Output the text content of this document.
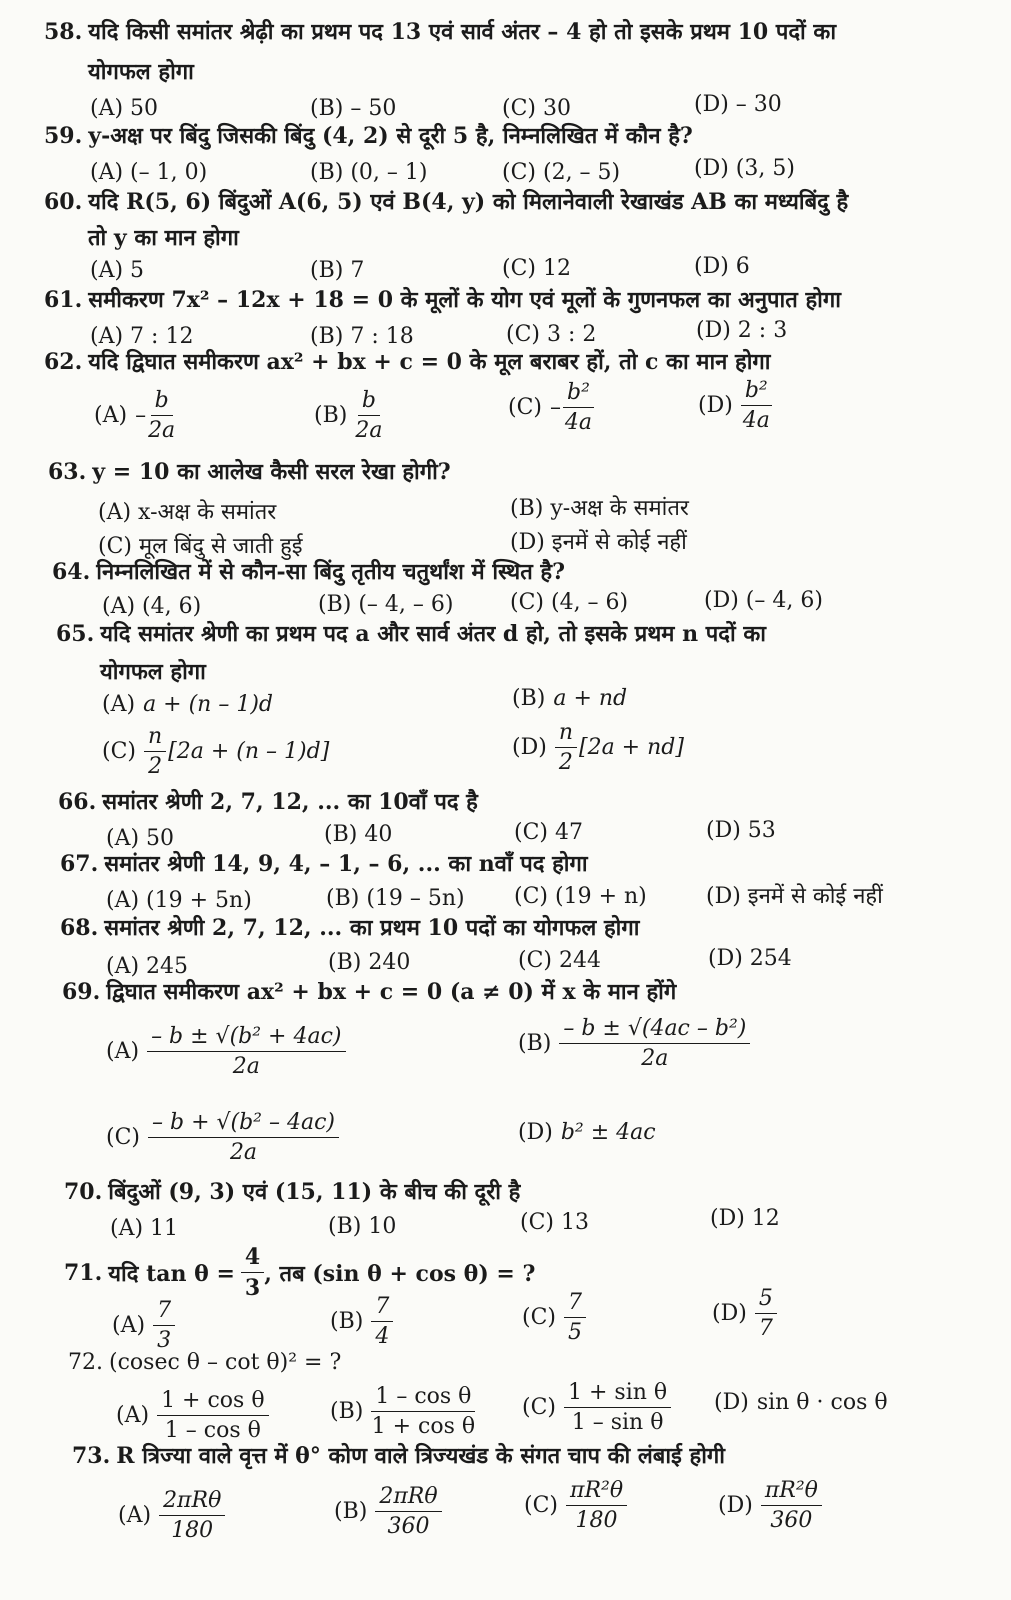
58. यदि किसी समांतर श्रेढ़ी का प्रथम पद 13 एवं सार्व अंतर – 4 हो तो इसके प्रथम 10 पदों का
योगफल होगा
(A) 50	(B) – 50	(C) 30	(D) – 30
59. y-अक्ष पर बिंदु जिसकी बिंदु (4, 2) से दूरी 5 है, निम्नलिखित में कौन है?
(A) (– 1, 0)	(B) (0, – 1)	(C) (2, – 5)	(D) (3, 5)
60. यदि R(5, 6) बिंदुओं A(6, 5) एवं B(4, y) को मिलानेवाली रेखाखंड AB का मध्यबिंदु है
तो y का मान होगा
(A) 5	(B) 7	(C) 12	(D) 6
61. समीकरण 7x² – 12x + 18 = 0 के मूलों के योग एवं मूलों के गुणनफल का अनुपात होगा
(A) 7 : 12	(B) 7 : 18	(C) 3 : 2	(D) 2 : 3
62. यदि द्विघात समीकरण ax² + bx + c = 0 के मूल बराबर हों, तो c का मान होगा
$(A) - \frac{b}{2a}$	$(B) \frac{b}{2a}$	$(C) - \frac{\text{b²}}{4a}$	$(D) \frac{\text{b²}}{4a}$
63. y = 10 का आलेख कैसी सरल रेखा होगी?
(A) x-अक्ष के समांतर	(B) y-अक्ष के समांतर
(C) मूल बिंदु से जाती हुई	(D) इनमें से कोई नहीं
64. निम्नलिखित में से कौन-सा बिंदु तृतीय चतुर्थांश में स्थित है?
(A) (4, 6)	(B) (– 4, – 6)	(C) (4, – 6)	(D) (– 4, 6)
65. यदि समांतर श्रेणी का प्रथम पद a और सार्व अंतर d हो, तो इसके प्रथम n पदों का
योगफल होगा
(A) a + (n – 1)d	(B) a + nd
$(C) \frac{n}{2} [2a + (n - 1)d]$	$(D) \frac{n}{2} [2a + nd]$
66. समांतर श्रेणी 2, 7, 12, ... का 10वाँ पद है
(A) 50	(B) 40	(C) 47	(D) 53
67. समांतर श्रेणी 14, 9, 4, – 1, – 6, ... का nवाँ पद होगा
(A) (19 + 5n)	(B) (19 – 5n) (C) (19 + n)	(D) इनमें से कोई नहीं
68. समांतर श्रेणी 2, 7, 12, ... का प्रथम 10 पदों का योगफल होगा
(A) 245	(B) 240	(C) 244	(D) 254
69. द्विघात समीकरण ax² + bx + c = 0 (a ≠ 0) में x के मान होंगे
$(A) \frac{\text{– b ± √(b² + 4ac)}}{2a}$	$(B) \frac{\text{– b ± √(4ac – b²)}}{2a}$
$(C) \frac{\text{– b + √(b² – 4ac)}}{2a}$	(D) b² ± 4ac
70. बिंदुओं (9, 3) एवं (15, 11) के बीच की दूरी है
(A) 11	(B) 10	(C) 13	(D) 12
71. यदि $\tan \theta = \frac{4}{3}$ , तब (sin θ + cos θ) = ?
$(A) \frac{7}{3}$	$(B) \frac{7}{4}$	$(C) \frac{7}{5}$	$(D) \frac{5}{7}$
72. (cosec θ – cot θ)² = ?
$(A) \frac{\text{1 + cos θ}}{\text{1 – cos θ}}$	$(B) \frac{\text{1 – cos θ}}{\text{1 + cos θ}} (C) \frac{\text{1 + sin θ}}{\text{1 – sin θ}} (D)$ sin θ · cos θ
73. R त्रिज्या वाले वृत्त में θ° कोण वाले त्रिज्यखंड के संगत चाप की लंबाई होगी
$(A) \frac{\text{2πRθ}}{180}$	$(B) \frac{\text{2πRθ}}{360}$	$(C) \frac{\text{πR²θ}}{180}$	$(D) \frac{\text{πR²θ}}{360}$
